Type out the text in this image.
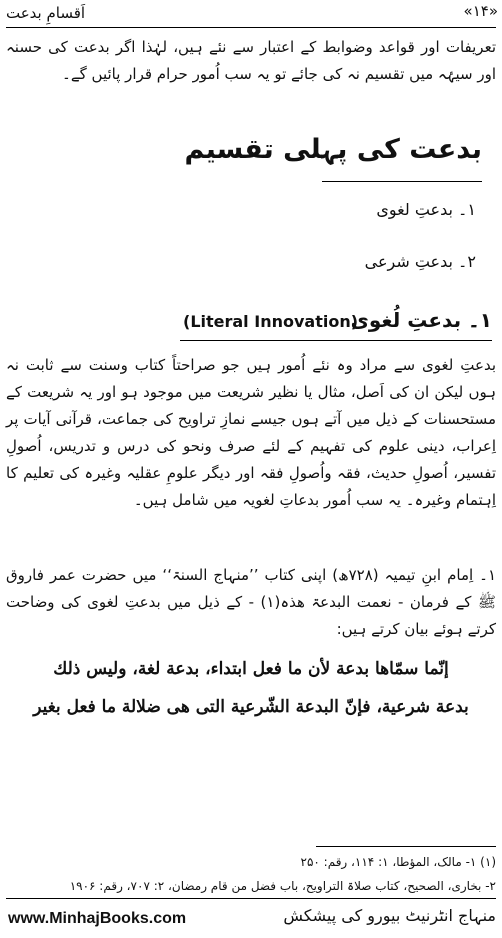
اَقسامِ بدعت	«۱۴»
تعریفات اور قواعد وضوابط کے اعتبار سے نئے ہیں، لہٰذا اگر بدعت کی حسنہ اور سیۂہ میں تقسیم نہ کی جائے تو یہ سب اُمور حرام قرار پائیں گے۔
بدعت کی پہلی تقسیم
۱۔ بدعتِ لغوی
۲۔ بدعتِ شرعی
۱۔ بدعتِ لُغوی
(Literal Innovation)
بدعتِ لغوی سے مراد وہ نئے اُمور ہیں جو صراحتاً کتاب وسنت سے ثابت نہ ہوں لیکن ان کی اَصل، مثال یا نظیر شریعت میں موجود ہو اور یہ شریعت کے مستحسنات کے ذیل میں آتے ہوں جیسے نمازِ تراویح کی جماعت، قرآنی آیات پر اِعراب، دینی علوم کی تفہیم کے لئے صرف ونحو کی درس و تدریس، اُصولِ تفسیر، اُصولِ حدیث، فقہ واُصولِ فقہ اور دیگر علومِ عقلیہ وغیرہ کی تعلیم کا اِہتمام وغیرہ۔ یہ سب اُمور بدعاتِ لغویہ میں شامل ہیں۔
۱۔ اِمام ابنِ تیمیہ (۷۲۸ھ) اپنی کتاب ’’منہاج السنۃ‘‘ میں حضرت عمر فاروق ﷺ کے فرمان - نعمت البدعۃ ھذہ(۱) - کے ذیل میں بدعتِ لغوی کی وضاحت کرتے ہوئے بیان کرتے ہیں:
إنّما سمّاها بدعة لأن ما فعل ابتداء، بدعة لغة، وليس ذلك
بدعة شرعية، فإنّ البدعة الشّرعية التى هى ضلالة ما فعل بغير
(۱) ۱- مالک، المؤطا، ۱: ۱۱۴، رقم: ۲۵۰
۲- بخاری، الصحیح، کتاب صلاۃ التراویح، باب فضل من قام رمضان، ۲: ۷۰۷، رقم: ۱۹۰۶
www.MinhajBooks.com	منہاج انٹرنیٹ بیورو کی پیشکش
